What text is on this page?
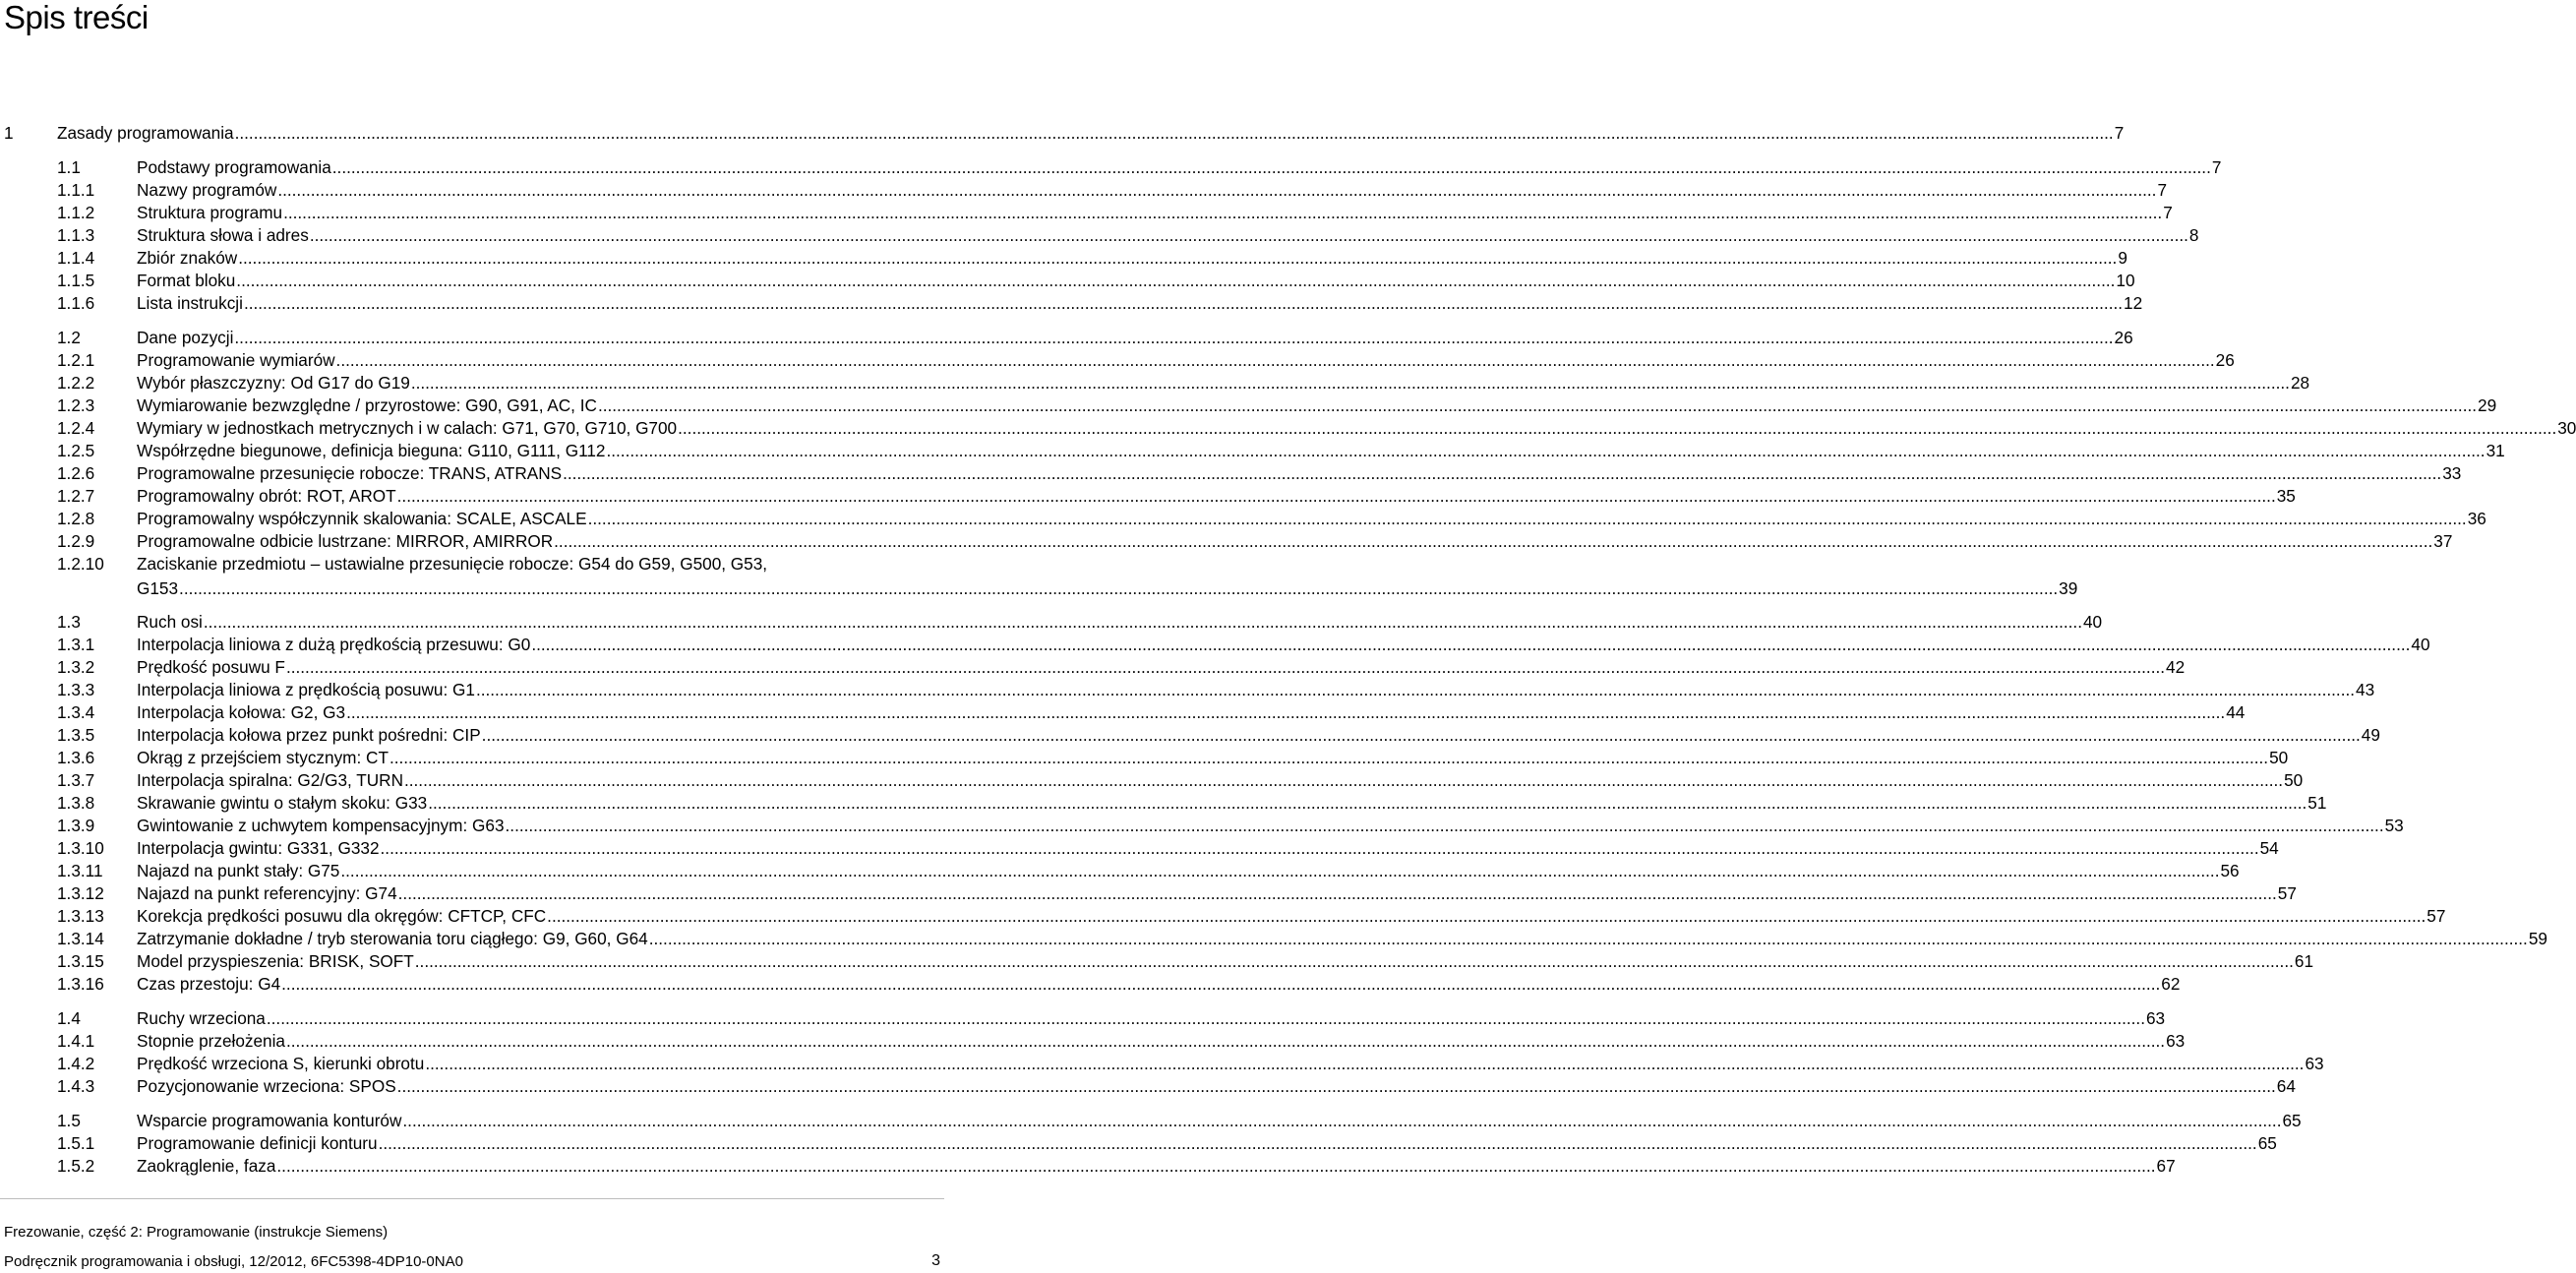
Spis treści
1	Zasady programowania ................................................................................................................................................................................................................................................................................................................................................................................................................ 7
1.1	Podstawy programowania ................................................................................................................................................................................................................................................................................................................................................................................................................ 7
1.1.1 Nazwy programów ................................................................................................................................................................................................................................................................................................................................................................................................................ 7
1.1.2 Struktura programu ................................................................................................................................................................................................................................................................................................................................................................................................................ 7
1.1.3 Struktura słowa i adres ................................................................................................................................................................................................................................................................................................................................................................................................................ 8
1.1.4 Zbiór znaków ................................................................................................................................................................................................................................................................................................................................................................................................................ 9
1.1.5 Format bloku ................................................................................................................................................................................................................................................................................................................................................................................................................ 10
1.1.6 Lista instrukcji ................................................................................................................................................................................................................................................................................................................................................................................................................ 12
1.2	Dane pozycji ................................................................................................................................................................................................................................................................................................................................................................................................................ 26
1.2.1 Programowanie wymiarów ................................................................................................................................................................................................................................................................................................................................................................................................................ 26
1.2.2 Wybór płaszczyzny: Od G17 do G19 ................................................................................................................................................................................................................................................................................................................................................................................................................ 28
1.2.3 Wymiarowanie bezwzględne / przyrostowe: G90, G91, AC, IC ................................................................................................................................................................................................................................................................................................................................................................................................................ 29
1.2.4 Wymiary w jednostkach metrycznych i w calach: G71, G70, G710, G700 ................................................................................................................................................................................................................................................................................................................................................................................................................ 30
1.2.5 Współrzędne biegunowe, definicja bieguna: G110, G111, G112 ................................................................................................................................................................................................................................................................................................................................................................................................................ 31
1.2.6 Programowalne przesunięcie robocze: TRANS, ATRANS ................................................................................................................................................................................................................................................................................................................................................................................................................ 33
1.2.7 Programowalny obrót: ROT, AROT ................................................................................................................................................................................................................................................................................................................................................................................................................ 35
1.2.8 Programowalny współczynnik skalowania: SCALE, ASCALE ................................................................................................................................................................................................................................................................................................................................................................................................................ 36
1.2.9 Programowalne odbicie lustrzane: MIRROR, AMIRROR ................................................................................................................................................................................................................................................................................................................................................................................................................ 37
1.2.10 Zaciskanie przedmiotu – ustawialne przesunięcie robocze: G54 do G59, G500, G53,
G153 ................................................................................................................................................................................................................................................................................................................................................................................................................ 39
1.3	Ruch osi ................................................................................................................................................................................................................................................................................................................................................................................................................ 40
1.3.1 Interpolacja liniowa z dużą prędkością przesuwu: G0 ................................................................................................................................................................................................................................................................................................................................................................................................................ 40
1.3.2 Prędkość posuwu F ................................................................................................................................................................................................................................................................................................................................................................................................................ 42
1.3.3 Interpolacja liniowa z prędkością posuwu: G1 ................................................................................................................................................................................................................................................................................................................................................................................................................ 43
1.3.4 Interpolacja kołowa: G2, G3 ................................................................................................................................................................................................................................................................................................................................................................................................................ 44
1.3.5 Interpolacja kołowa przez punkt pośredni: CIP ................................................................................................................................................................................................................................................................................................................................................................................................................ 49
1.3.6 Okrąg z przejściem stycznym: CT ................................................................................................................................................................................................................................................................................................................................................................................................................ 50
1.3.7 Interpolacja spiralna: G2/G3, TURN ................................................................................................................................................................................................................................................................................................................................................................................................................ 50
1.3.8 Skrawanie gwintu o stałym skoku: G33 ................................................................................................................................................................................................................................................................................................................................................................................................................ 51
1.3.9 Gwintowanie z uchwytem kompensacyjnym: G63 ................................................................................................................................................................................................................................................................................................................................................................................................................ 53
1.3.10 Interpolacja gwintu: G331, G332 ................................................................................................................................................................................................................................................................................................................................................................................................................ 54
1.3.11 Najazd na punkt stały: G75 ................................................................................................................................................................................................................................................................................................................................................................................................................ 56
1.3.12 Najazd na punkt referencyjny: G74 ................................................................................................................................................................................................................................................................................................................................................................................................................ 57
1.3.13 Korekcja prędkości posuwu dla okręgów: CFTCP, CFC ................................................................................................................................................................................................................................................................................................................................................................................................................ 57
1.3.14 Zatrzymanie dokładne / tryb sterowania toru ciągłego: G9, G60, G64 ................................................................................................................................................................................................................................................................................................................................................................................................................ 59
1.3.15 Model przyspieszenia: BRISK, SOFT ................................................................................................................................................................................................................................................................................................................................................................................................................ 61
1.3.16 Czas przestoju: G4 ................................................................................................................................................................................................................................................................................................................................................................................................................ 62
1.4	Ruchy wrzeciona ................................................................................................................................................................................................................................................................................................................................................................................................................ 63
1.4.1 Stopnie przełożenia ................................................................................................................................................................................................................................................................................................................................................................................................................ 63
1.4.2 Prędkość wrzeciona S, kierunki obrotu ................................................................................................................................................................................................................................................................................................................................................................................................................ 63
1.4.3 Pozycjonowanie wrzeciona: SPOS ................................................................................................................................................................................................................................................................................................................................................................................................................ 64
1.5	Wsparcie programowania konturów ................................................................................................................................................................................................................................................................................................................................................................................................................ 65
1.5.1 Programowanie definicji konturu ................................................................................................................................................................................................................................................................................................................................................................................................................ 65
1.5.2 Zaokrąglenie, faza ................................................................................................................................................................................................................................................................................................................................................................................................................ 67
Frezowanie, część 2: Programowanie (instrukcje Siemens)
Podręcznik programowania i obsługi, 12/2012, 6FC5398-4DP10-0NA0	3
